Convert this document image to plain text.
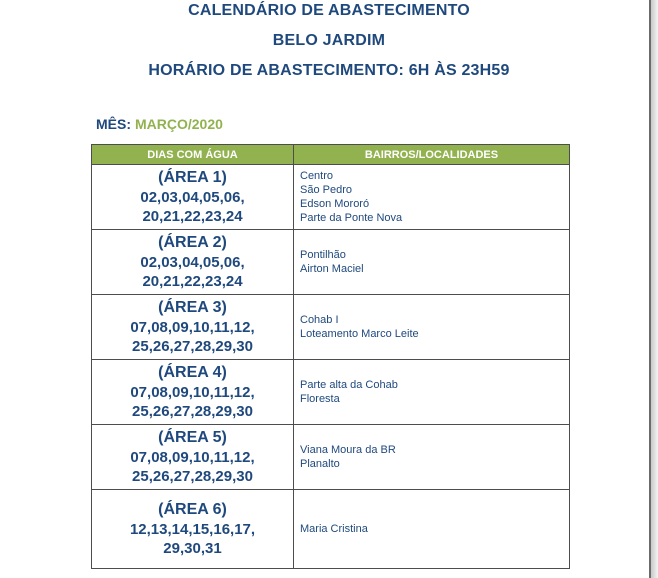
CALENDÁRIO DE ABASTECIMENTO
BELO JARDIM
HORÁRIO DE ABASTECIMENTO: 6H ÀS 23H59
MÊS: MARÇO/2020
DIAS COM ÁGUA	BAIRROS/LOCALIDADES

(ÁREA 1)
02,03,04,05,06,
20,21,22,23,24	Centro
São Pedro
Edson Mororó
Parte da Ponte Nova

(ÁREA 2)
02,03,04,05,06,
20,21,22,23,24	Pontilhão
Airton Maciel

(ÁREA 3)
07,08,09,10,11,12,
25,26,27,28,29,30	Cohab I
Loteamento Marco Leite

(ÁREA 4)
07,08,09,10,11,12,
25,26,27,28,29,30	Parte alta da Cohab
Floresta

(ÁREA 5)
07,08,09,10,11,12,
25,26,27,28,29,30	Viana Moura da BR
Planalto

(ÁREA 6)
12,13,14,15,16,17,
29,30,31	Maria Cristina
